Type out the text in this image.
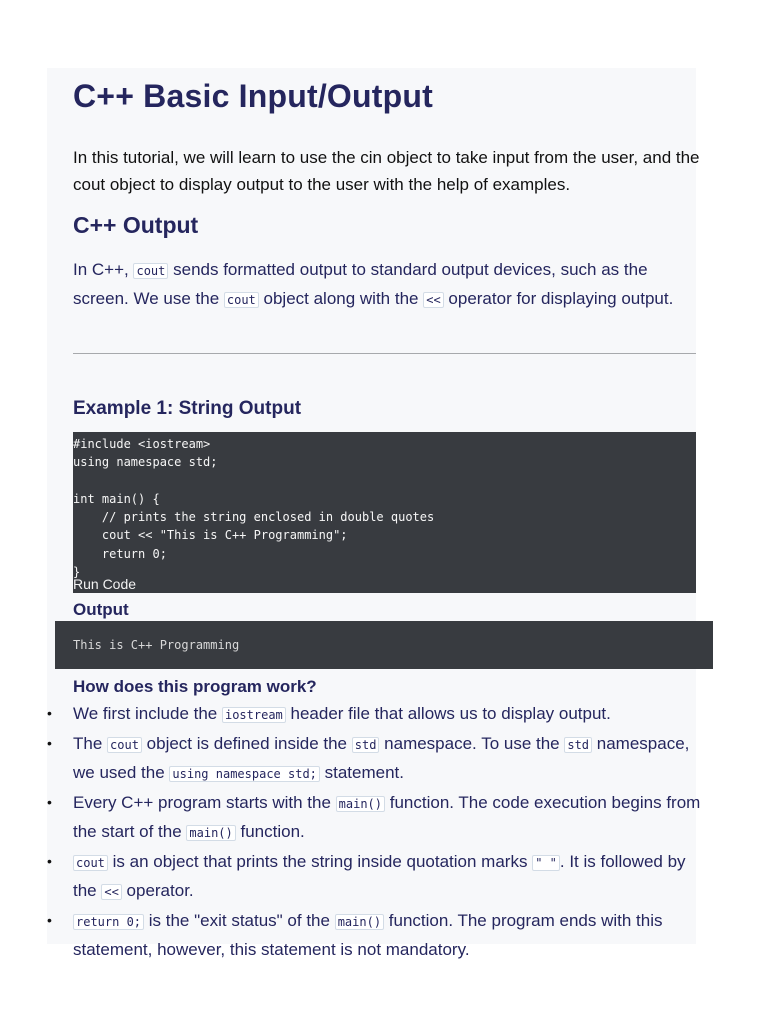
C++ Basic Input/Output

In this tutorial, we will learn to use the cin object to take input from the user, and the cout object to display output to the user with the help of examples.

C++ Output

In C++, cout sends formatted output to standard output devices, such as the screen. We use the cout object along with the << operator for displaying output.

Example 1: String Output
#include <iostream>
using namespace std;

int main() {
// prints the string enclosed in double quotes
cout << "This is C++ Programming";
return 0;
}
Run Code
Output
This is C++ Programming
How does this program work?
• We first include the iostream header file that allows us to display output.
• The cout object is defined inside the std namespace. To use the std namespace, we used the using namespace std; statement.
• Every C++ program starts with the main() function. The code execution begins from the start of the main() function.
• cout is an object that prints the string inside quotation marks " " . It is followed by the << operator.
• return 0; is the "exit status" of the main() function. The program ends with this statement, however, this statement is not mandatory.
